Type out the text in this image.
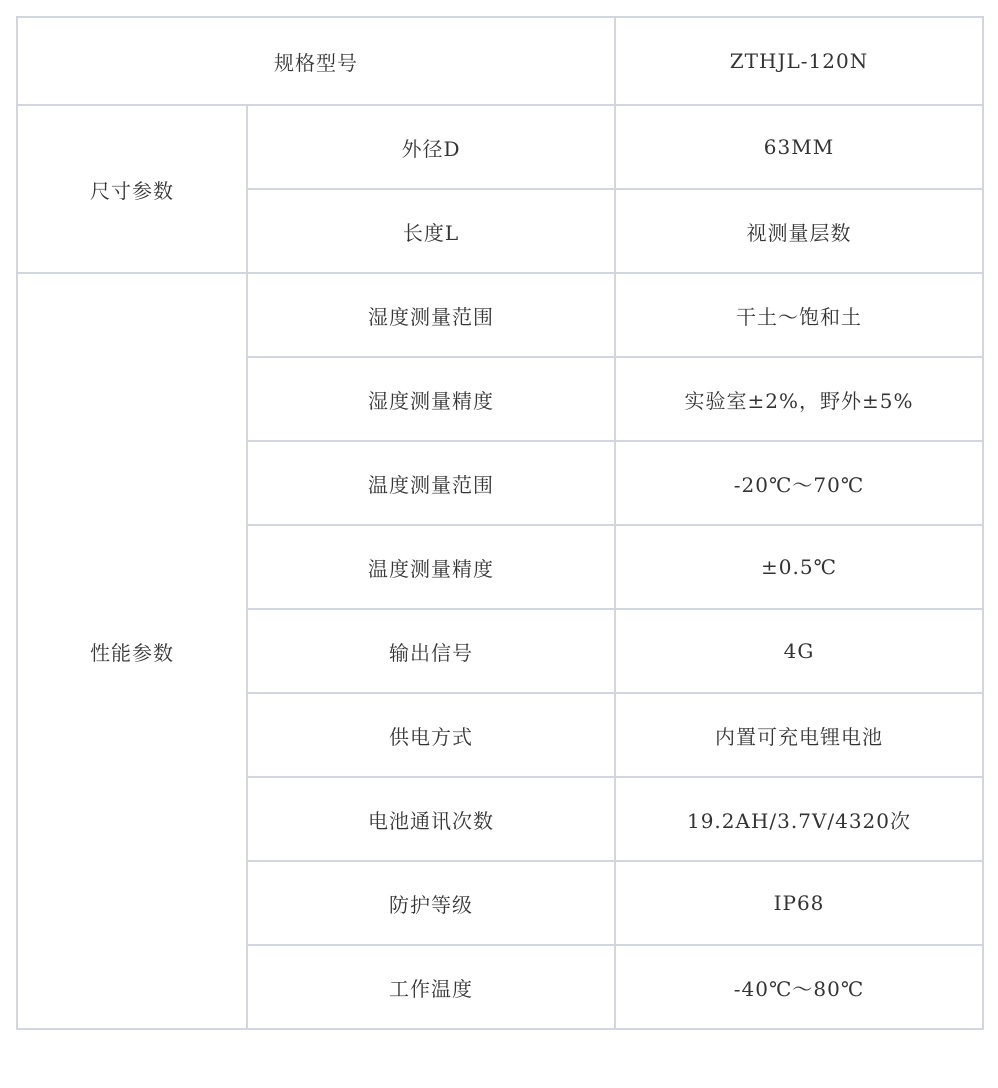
规格型号		ZTHJL-120N
尺寸参数	外径D	63MM
	长度L	视测量层数
性能参数	湿度测量范围	干土～饱和土
	湿度测量精度	实验室±2%，野外±5%
	温度测量范围	-20℃～70℃
	温度测量精度	±0.5℃
	输出信号	4G
	供电方式	内置可充电锂电池
	电池通讯次数	19.2AH/3.7V/4320次
	防护等级	IP68
	工作温度	-40℃～80℃
